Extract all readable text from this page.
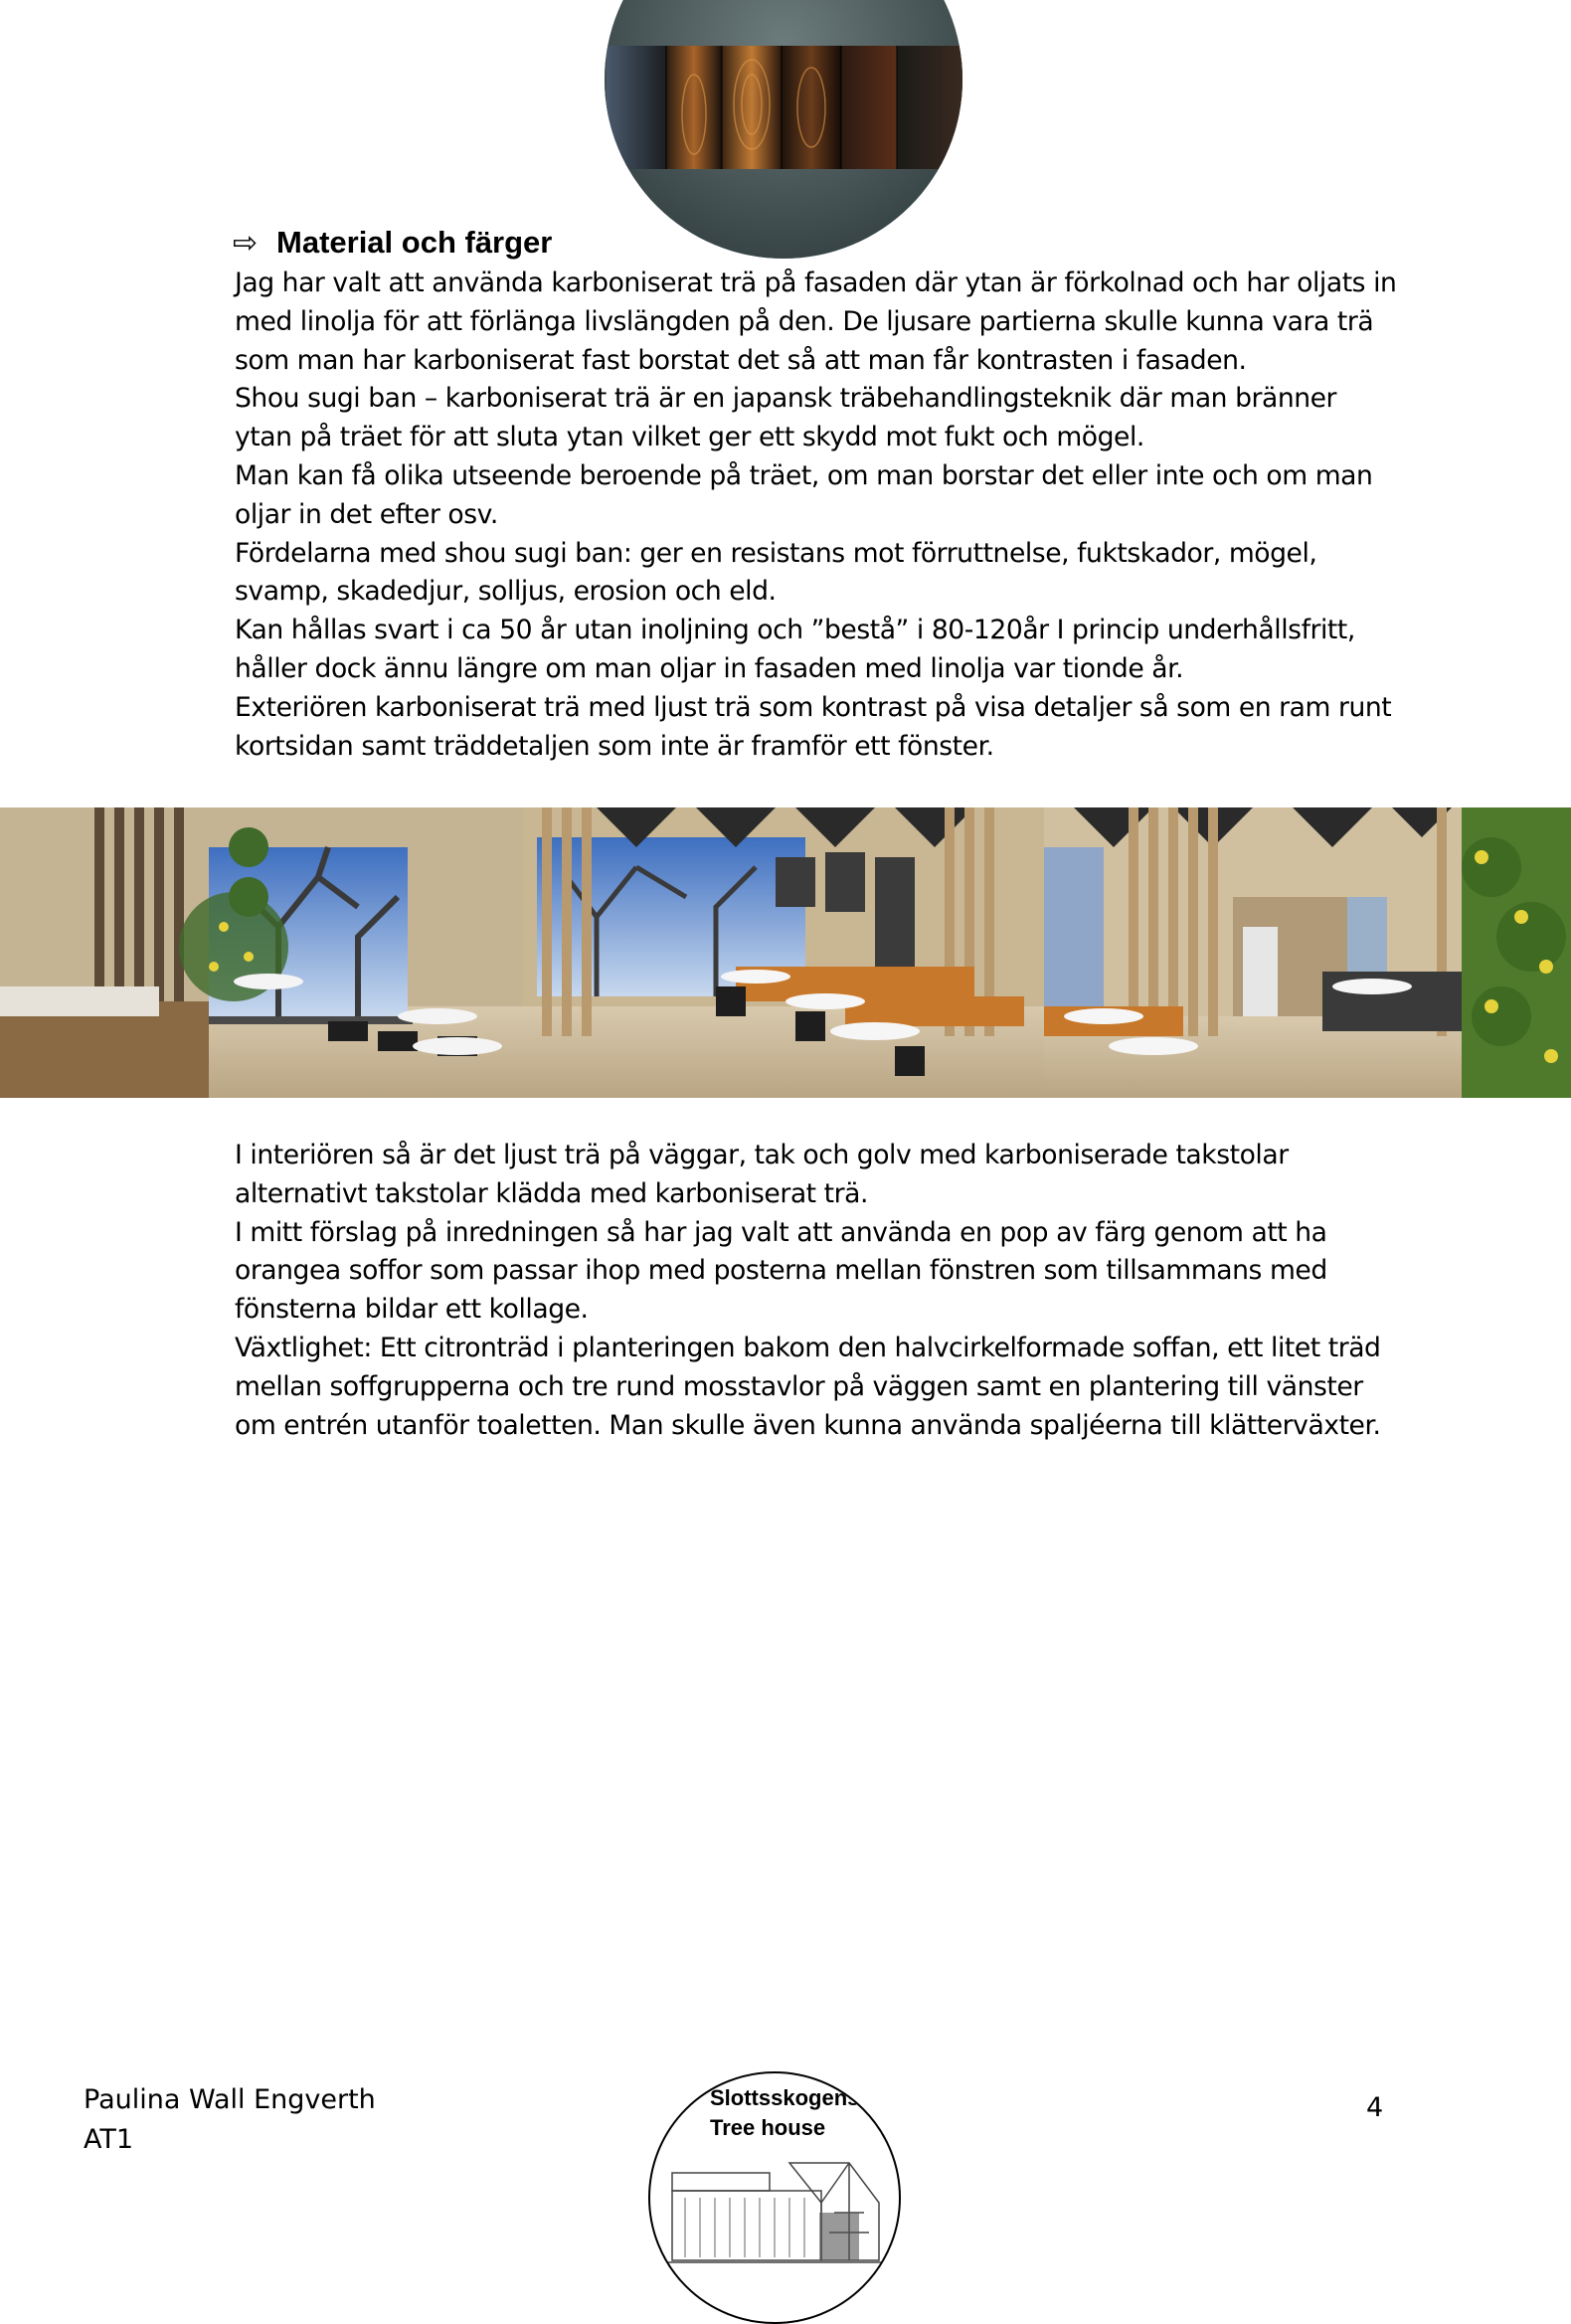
⇨ Material och färger

Jag har valt att använda karboniserat trä på fasaden där ytan är förkolnad och har oljats in med linolja för att förlänga livslängden på den. De ljusare partierna skulle kunna vara trä som man har karboniserat fast borstat det så att man får kontrasten i fasaden.

Shou sugi ban – karboniserat trä är en japansk träbehandlingsteknik där man bränner ytan på träet för att sluta ytan vilket ger ett skydd mot fukt och mögel.

Man kan få olika utseende beroende på träet, om man borstar det eller inte och om man oljar in det efter osv.

Fördelarna med shou sugi ban: ger en resistans mot förruttnelse, fuktskador, mögel, svamp, skadedjur, solljus, erosion och eld.

Kan hållas svart i ca 50 år utan inoljning och ”bestå” i 80-120år I princip underhållsfritt, håller dock ännu längre om man oljar in fasaden med linolja var tionde år.

Exteriören karboniserat trä med ljust trä som kontrast på visa detaljer så som en ram runt kortsidan samt träddetaljen som inte är framför ett fönster.

I interiören så är det ljust trä på väggar, tak och golv med karboniserade takstolar alternativt takstolar klädda med karboniserat trä.

I mitt förslag på inredningen så har jag valt att använda en pop av färg genom att ha orangea soffor som passar ihop med posterna mellan fönstren som tillsammans med fönsterna bildar ett kollage.

Växtlighet: Ett citronträd i planteringen bakom den halvcirkelformade soffan, ett litet träd mellan soffgrupperna och tre rund mosstavlor på väggen samt en plantering till vänster om entrén utanför toaletten. Man skulle även kunna använda spaljéerna till klätterväxter.

Paulina Wall Engverth
AT1
Slottsskogens
Tree house
4
